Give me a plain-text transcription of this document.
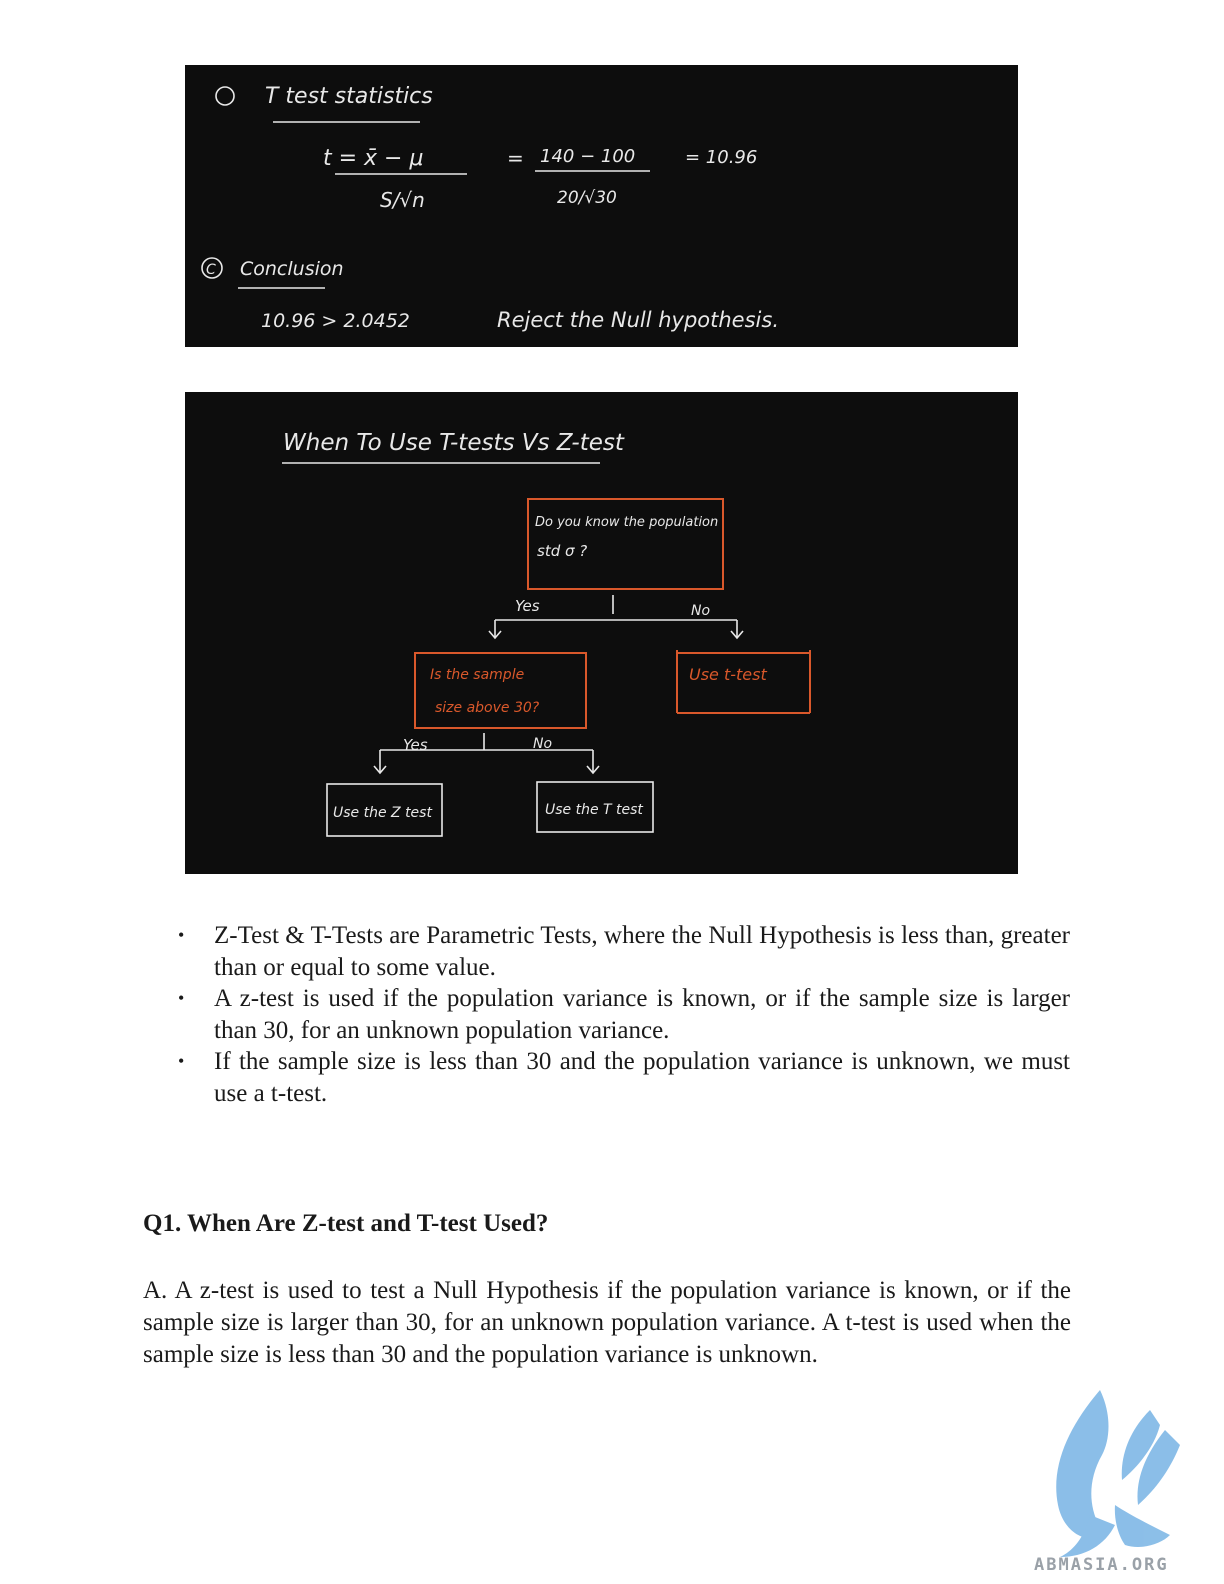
T test statistics
t = x̄ − μ
S/√n
= 140 − 100
20/√30
= 10.96
C Conclusion
10.96 > 2.0452	Reject the Null hypothesis.
When To Use T-tests Vs Z-test
Do you know the population
std σ ?
Yes	No
Is the sample
size above 30?
Use t-test
Yes	No
Use the Z test	Use the T test
• Z-Test & T-Tests are Parametric Tests, where the Null Hypothesis is less than, greater than or equal to some value.
• A z-test is used if the population variance is known, or if the sample size is larger than 30, for an unknown population variance.
• If the sample size is less than 30 and the population variance is unknown, we must use a t-test.
Q1. When Are Z-test and T-test Used?

A. A z-test is used to test a Null Hypothesis if the population variance is known, or if the sample size is larger than 30, for an unknown population variance. A t-test is used when the sample size is less than 30 and the population variance is unknown.

ABMASIA.ORG
